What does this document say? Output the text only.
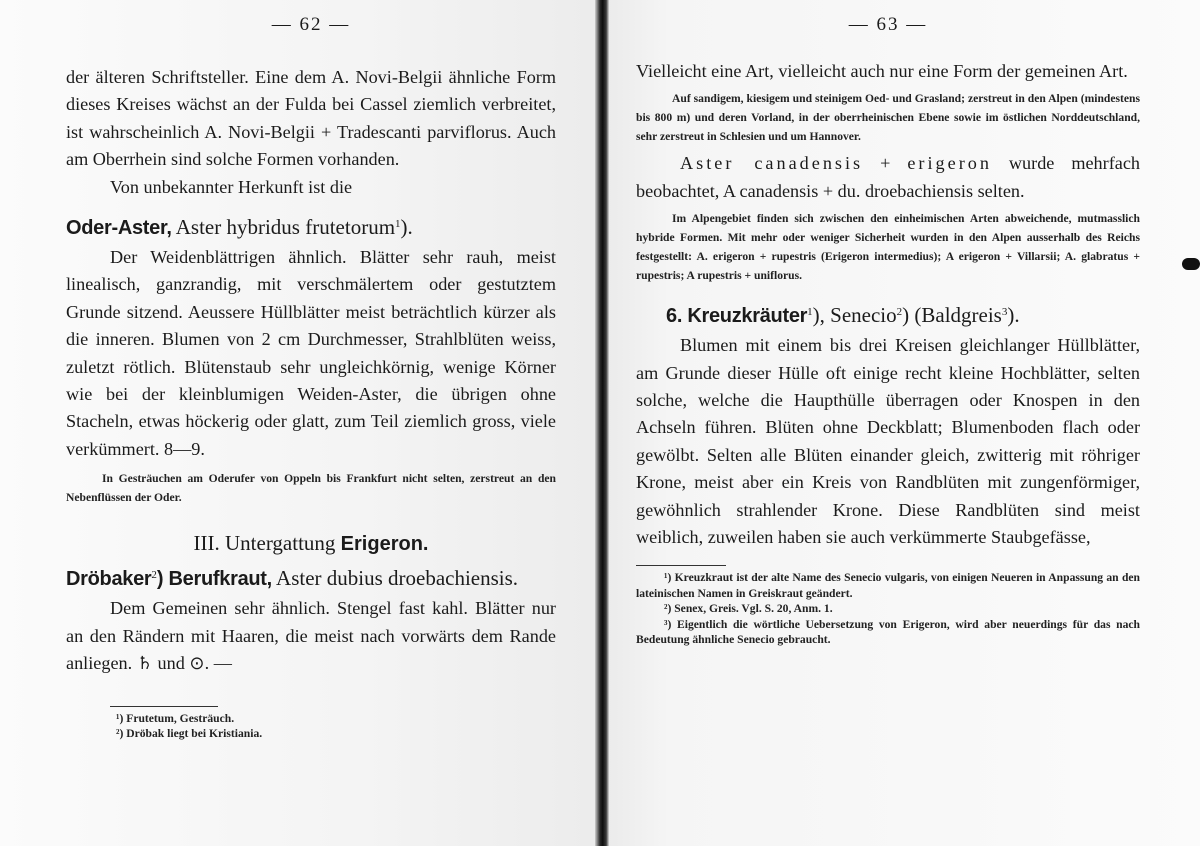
— 62 —

der älteren Schriftsteller. Eine dem A. Novi-Belgii ähnliche Form dieses Kreises wächst an der Fulda bei Cassel ziemlich verbreitet, ist wahrscheinlich A. Novi-Belgii + Tradescanti parviflorus. Auch am Oberrhein sind solche Formen vorhanden.

Von unbekannter Herkunft ist die

Oder-Aster, Aster hybridus frutetorum$^1$).

Der Weidenblättrigen ähnlich. Blätter sehr rauh, meist linealisch, ganzrandig, mit verschmälertem oder gestutztem Grunde sitzend. Aeussere Hüllblätter meist beträchtlich kürzer als die inneren. Blumen von 2 cm Durchmesser, Strahlblüten weiss, zuletzt rötlich. Blütenstaub sehr ungleichkörnig, wenige Körner wie bei der kleinblumigen Weiden-Aster, die übrigen ohne Stacheln, etwas höckerig oder glatt, zum Teil ziemlich gross, viele verkümmert. 8—9.

In Gesträuchen am Oderufer von Oppeln bis Frankfurt nicht selten, zerstreut an den Nebenflüssen der Oder.

III. Untergattung Erigeron.

Dröbaker$^2$) Berufkraut, Aster dubius droebachiensis.

Dem Gemeinen sehr ähnlich. Stengel fast kahl. Blätter nur an den Rändern mit Haaren, die meist nach vorwärts dem Rande anliegen. ♄ und ⊙. —

¹) Frutetum, Gesträuch.

²) Dröbak liegt bei Kristiania.

— 63 —

Vielleicht eine Art, vielleicht auch nur eine Form der gemeinen Art.

Auf sandigem, kiesigem und steinigem Oed- und Grasland; zerstreut in den Alpen (mindestens bis 800 m) und deren Vorland, in der oberrheinischen Ebene sowie im östlichen Norddeutschland, sehr zerstreut in Schlesien und um Hannover.

Aster canadensis + erigeron wurde mehrfach beobachtet, A canadensis + du. droebachiensis selten.

Im Alpengebiet finden sich zwischen den einheimischen Arten abweichende, mutmasslich hybride Formen. Mit mehr oder weniger Sicherheit wurden in den Alpen ausserhalb des Reichs festgestellt: A. erigeron + rupestris (Erigeron intermedius); A erigeron + Villarsii; A. glabratus + rupestris; A rupestris + uniflorus.

6. Kreuzkräuter$^1$), Senecio$^2$) (Baldgreis$^3$).

Blumen mit einem bis drei Kreisen gleichlanger Hüllblätter, am Grunde dieser Hülle oft einige recht kleine Hochblätter, selten solche, welche die Haupthülle überragen oder Knospen in den Achseln führen. Blüten ohne Deckblatt; Blumenboden flach oder gewölbt. Selten alle Blüten einander gleich, zwitterig mit röhriger Krone, meist aber ein Kreis von Randblüten mit zungenförmiger, gewöhnlich strahlender Krone. Diese Randblüten sind meist weiblich, zuweilen haben sie auch verkümmerte Staubgefässe,

¹) Kreuzkraut ist der alte Name des Senecio vulgaris, von einigen Neueren in Anpassung an den lateinischen Namen in Greiskraut geändert.

²) Senex, Greis. Vgl. S. 20, Anm. 1.

³) Eigentlich die wörtliche Uebersetzung von Erigeron, wird aber neuerdings für das nach Bedeutung ähnliche Senecio gebraucht.
